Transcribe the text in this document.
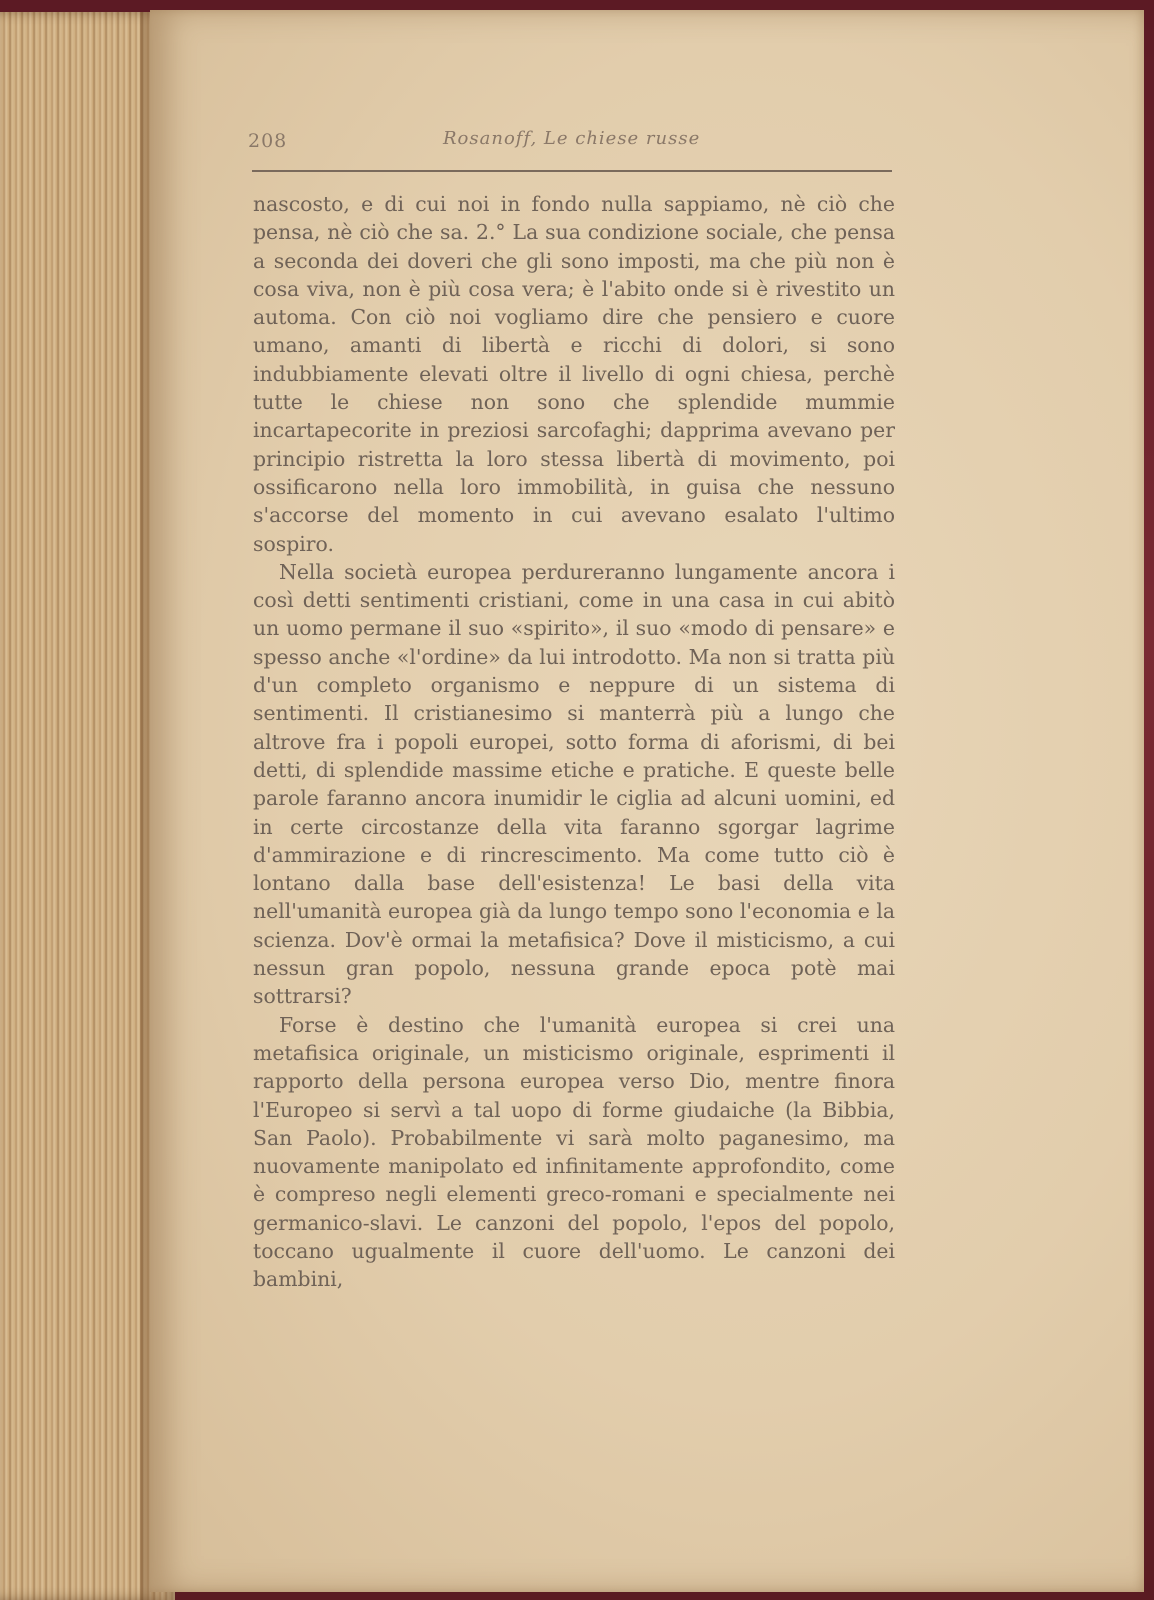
208	Rosanoff, Le chiese russe

nascosto, e di cui noi in fondo nulla sappiamo, nè ciò che pensa, nè ciò che sa. 2.° La sua condizione sociale, che pensa a seconda dei doveri che gli sono imposti, ma che più non è cosa viva, non è più cosa vera; è l'abito onde si è rivestito un automa. Con ciò noi vogliamo dire che pensiero e cuore umano, amanti di libertà e ricchi di dolori, si sono indubbiamente elevati oltre il livello di ogni chiesa, perchè tutte le chiese non sono che splendide mummie incartapecorite in preziosi sarcofaghi; dapprima avevano per principio ristretta la loro stessa libertà di movimento, poi ossificarono nella loro immobilità, in guisa che nessuno s'accorse del momento in cui avevano esalato l'ultimo sospiro.

Nella società europea perdureranno lungamente ancora i così detti sentimenti cristiani, come in una casa in cui abitò un uomo permane il suo «spirito», il suo «modo di pensare» e spesso anche «l'ordine» da lui introdotto. Ma non si tratta più d'un completo organismo e neppure di un sistema di sentimenti. Il cristianesimo si manterrà più a lungo che altrove fra i popoli europei, sotto forma di aforismi, di bei detti, di splendide massime etiche e pratiche. E queste belle parole faranno ancora inumidir le ciglia ad alcuni uomini, ed in certe circostanze della vita faranno sgorgar lagrime d'ammirazione e di rincrescimento. Ma come tutto ciò è lontano dalla base dell'esistenza! Le basi della vita nell'umanità europea già da lungo tempo sono l'economia e la scienza. Dov'è ormai la metafisica? Dove il misticismo, a cui nessun gran popolo, nessuna grande epoca potè mai sottrarsi?

Forse è destino che l'umanità europea si crei una metafisica originale, un misticismo originale, esprimenti il rapporto della persona europea verso Dio, mentre finora l'Europeo si servì a tal uopo di forme giudaiche (la Bibbia, San Paolo). Probabilmente vi sarà molto paganesimo, ma nuovamente manipolato ed infinitamente approfondito, come è compreso negli elementi greco-romani e specialmente nei germanico-slavi. Le canzoni del popolo, l'epos del popolo, toccano ugualmente il cuore dell'uomo. Le canzoni dei bambini,
